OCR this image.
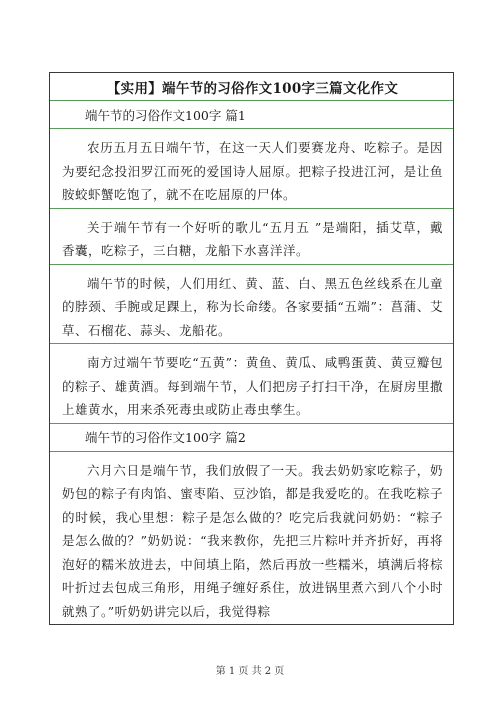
【实用】端午节的习俗作文100字三篇文化作文
端午节的习俗作文100字 篇1
农历五月五日端午节，在这一天人们要赛龙舟、吃粽子。是因为要纪念投汨罗江而死的爱国诗人屈原。把粽子投进江河，是让鱼胺蛟虾蟹吃饱了，就不在吃屈原的尸体。
关于端午节有一个好听的歌儿“五月五 ”是端阳，插艾草，戴香囊，吃粽子，三白糖，龙船下水喜洋洋。
端午节的时候，人们用红、黄、蓝、白、黑五色丝线系在儿童的脖颈、手腕或足踝上，称为长命缕。各家要插“五端”：菖蒲、艾草、石榴花、蒜头、龙船花。
南方过端午节要吃“五黄”：黄鱼、黄瓜、咸鸭蛋黄、黄豆瓣包的粽子、雄黄酒。每到端午节，人们把房子打扫干净，在厨房里撒上雄黄水，用来杀死毒虫或防止毒虫孳生。
端午节的习俗作文100字 篇2
六月六日是端午节，我们放假了一天。我去奶奶家吃粽子，奶奶包的粽子有肉馅、蜜枣陷、豆沙馅，都是我爱吃的。在我吃粽子的时候，我心里想：粽子是怎么做的？吃完后我就问奶奶：“粽子是怎么做的？”奶奶说：“我来教你，先把三片粽叶并齐折好，再将泡好的糯米放进去，中间填上陷，然后再放一些糯米，填满后将棕叶折过去包成三角形，用绳子缠好系住，放进锅里煮六到八个小时就熟了。”听奶奶讲完以后，我觉得粽
第 1 页 共 2 页
